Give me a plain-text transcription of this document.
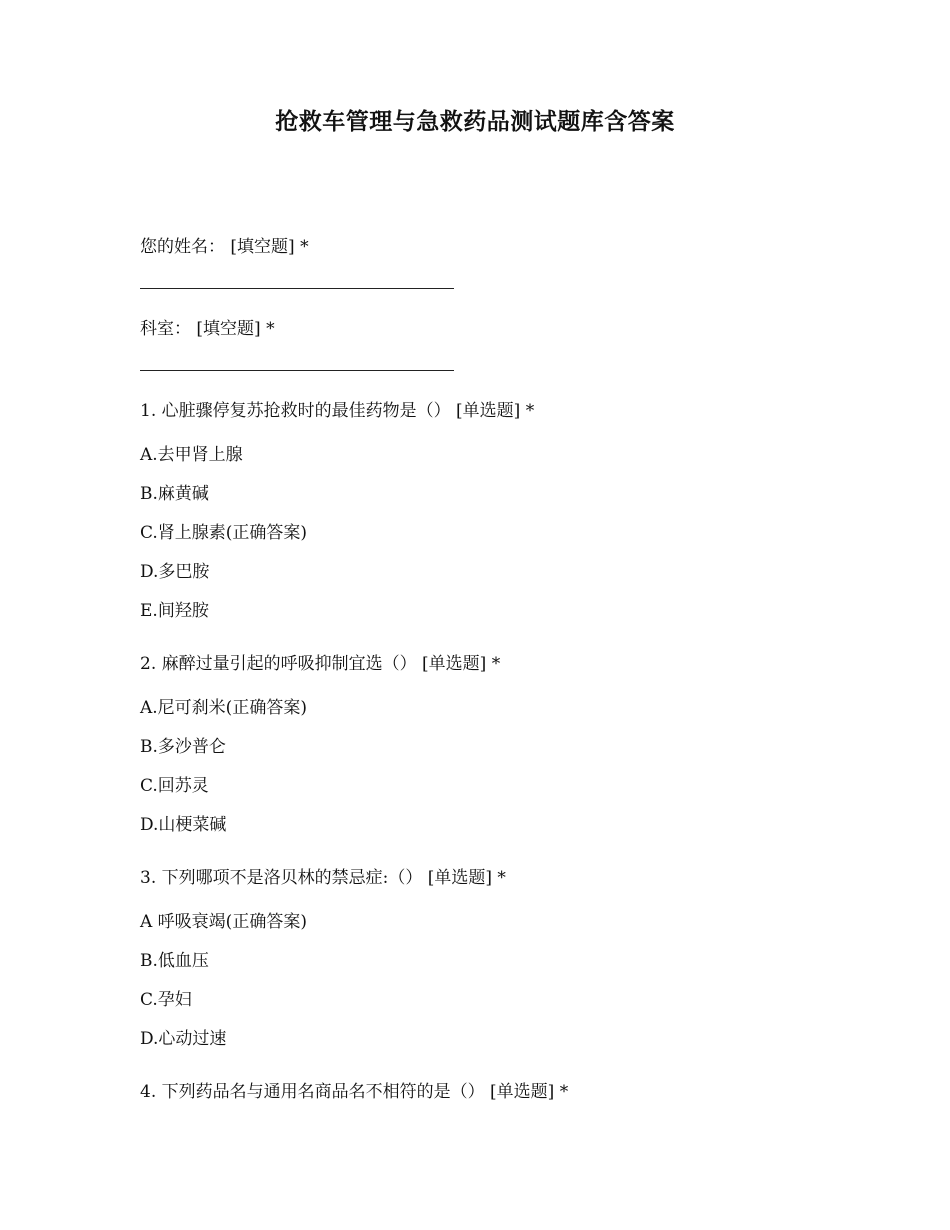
抢救车管理与急救药品测试题库含答案
您的姓名： [填空题] *
科室： [填空题] *
1. 心脏骤停复苏抢救时的最佳药物是（） [单选题] *
A.去甲肾上腺
B.麻黄碱
C.肾上腺素(正确答案)
D.多巴胺
E.间羟胺
2. 麻醉过量引起的呼吸抑制宜选（） [单选题] *
A.尼可刹米(正确答案)
B.多沙普仑
C.回苏灵
D.山梗菜碱
3. 下列哪项不是洛贝林的禁忌症:（） [单选题] *
A 呼吸衰竭(正确答案)
B.低血压
C.孕妇
D.心动过速
4. 下列药品名与通用名商品名不相符的是（） [单选题] *
